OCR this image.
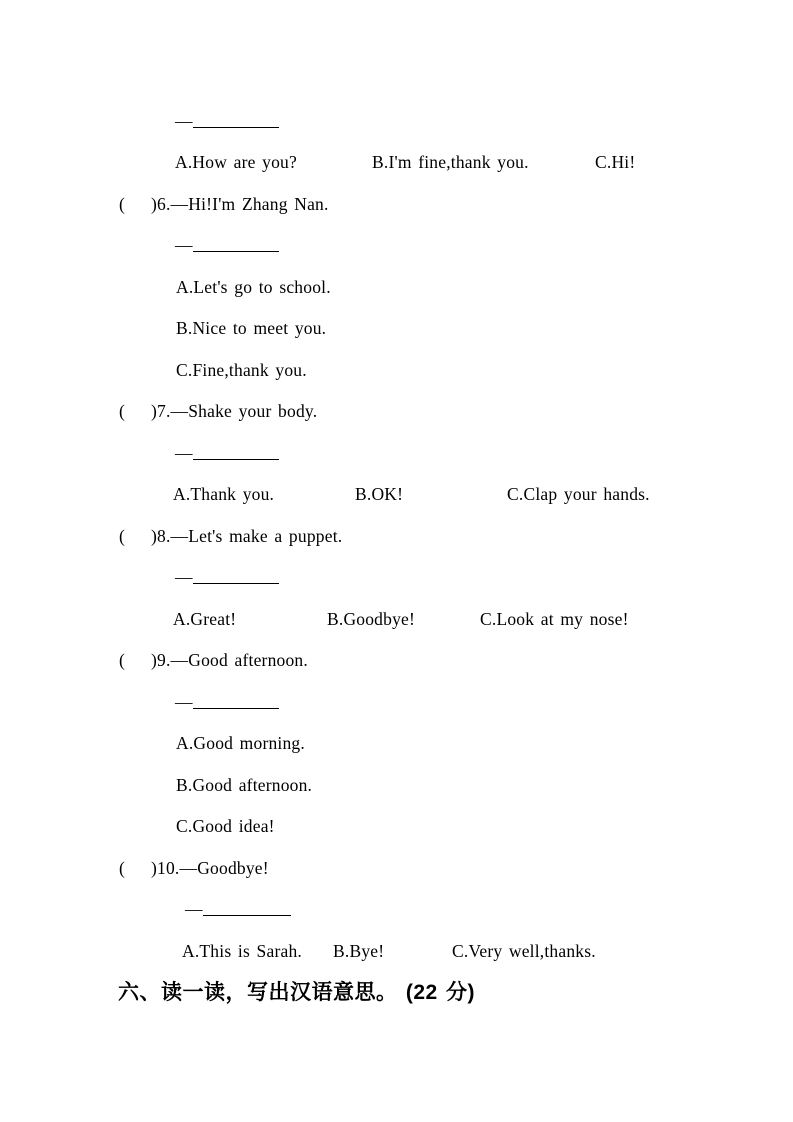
—
A.How are you?	B.I'm fine,thank you.	C.Hi!
( )6.—Hi!I'm Zhang Nan.
—
A.Let's go to school.
B.Nice to meet you.
C.Fine,thank you.
( )7.—Shake your body.
—
A.Thank you.	B.OK!	C.Clap your hands.
( )8.—Let's make a puppet.
—
A.Great!	B.Goodbye!	C.Look at my nose!
( )9.—Good afternoon.
—
A.Good morning.
B.Good afternoon.
C.Good idea!
( )10.—Goodbye!
—
A.This is Sarah. B.Bye!	C.Very well,thanks.
六、读一读，写出汉语意思。 (22 分)
